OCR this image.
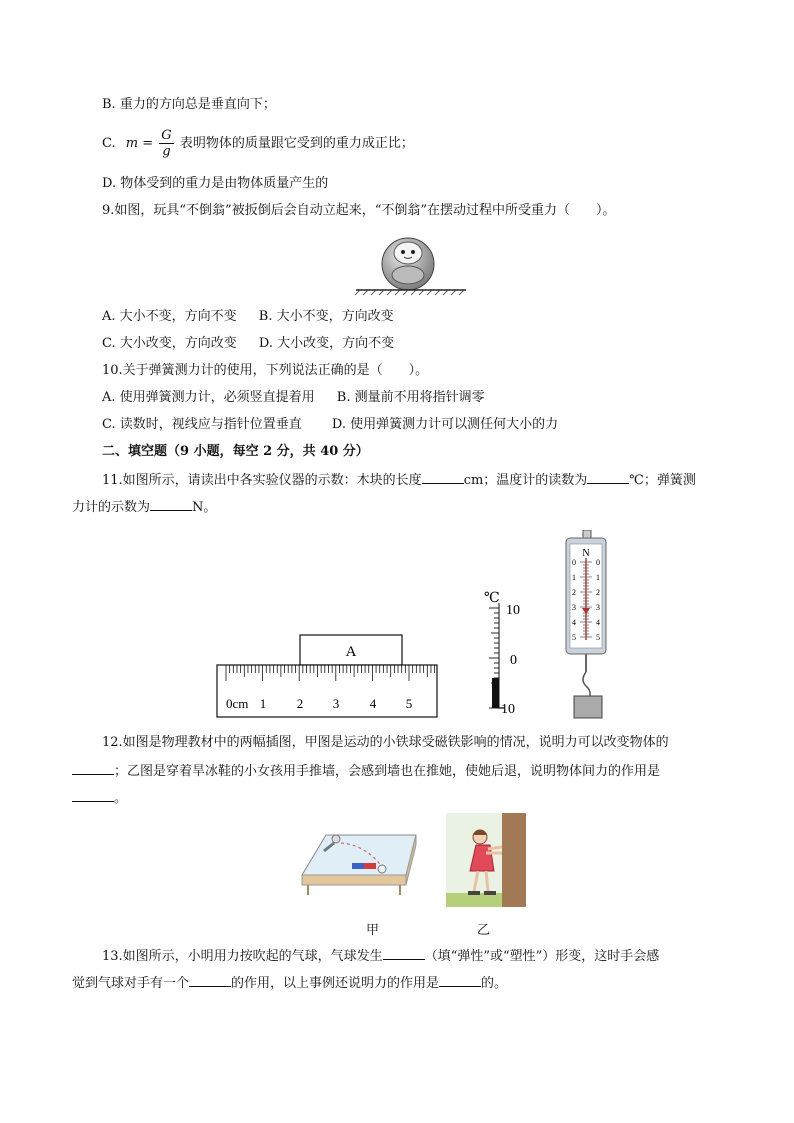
B. 重力的方向总是垂直向下；
C. $m = \frac{G}{g}$ 表明物体的质量跟它受到的重力成正比；
D. 物体受到的重力是由物体质量产生的
9.如图，玩具“不倒翁”被扳倒后会自动立起来，“不倒翁”在摆动过程中所受重力（　　）。
A. 大小不变，方向不变 B. 大小不变，方向改变
C. 大小改变，方向改变 D. 大小改变，方向不变
10.关于弹簧测力计的使用，下列说法正确的是（　　）。
A. 使用弹簧测力计，必须竖直提着用 B. 测量前不用将指针调零
C. 读数时，视线应与指针位置垂直 D. 使用弹簧测力计可以测任何大小的力
二、填空题（9 小题，每空 2 分，共 40 分）
11.如图所示，请读出中各实验仪器的示数：木块的长度	cm；温度计的读数为	℃；弹簧测
力计的示数为	N。
A
0cm 1 2 3 4 5
℃
10
0
10
N
0	0
1	1
2	2
3	3
4	4
5	5
12.如图是物理教材中的两幅插图，甲图是运动的小铁球受磁铁影响的情况，说明力可以改变物体的
；乙图是穿着旱冰鞋的小女孩用手推墙，会感到墙也在推她，使她后退，说明物体间力的作用是
。
甲	乙
13.如图所示，小明用力按吹起的气球，气球发生	（填“弹性”或“塑性”）形变，这时手会感
觉到气球对手有一个	的作用，以上事例还说明力的作用是	的。
